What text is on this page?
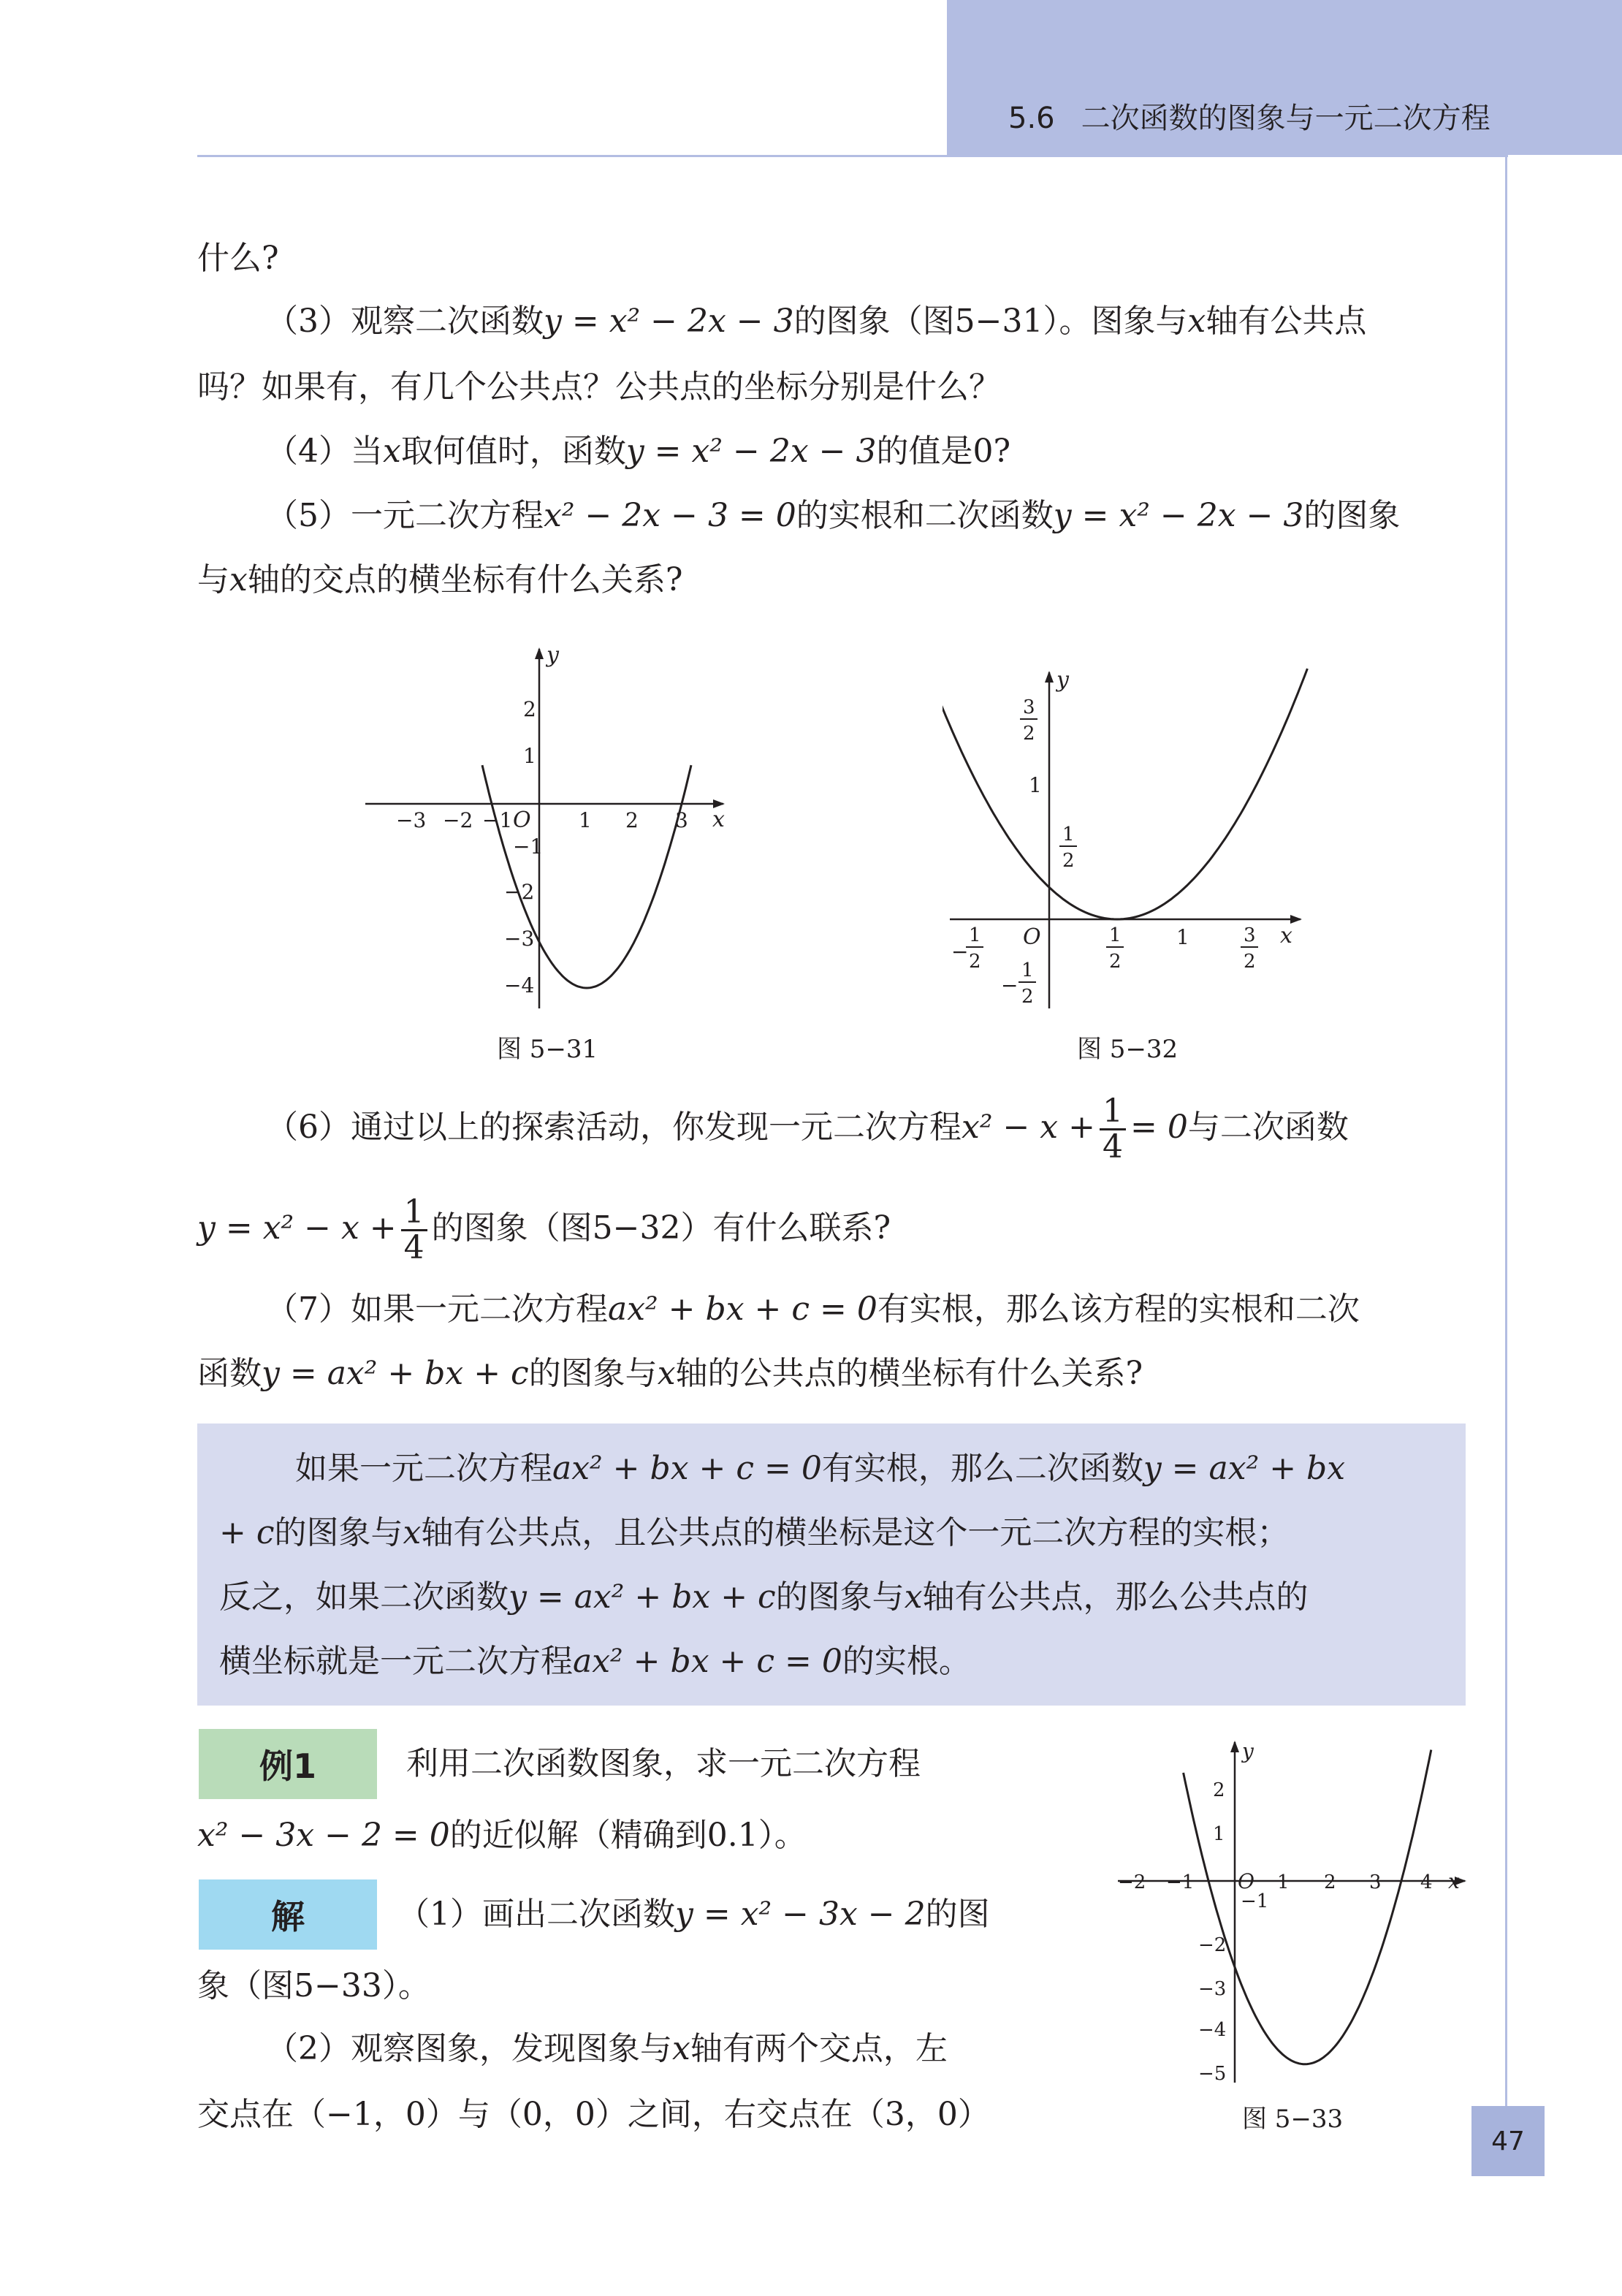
5.6 二次函数的图象与一元二次方程
什么?
（3）观察二次函数y = x² − 2x − 3的图象（图5−31）。图象与x轴有公共点
吗？如果有，有几个公共点？公共点的坐标分别是什么？
（4）当x取何值时，函数y = x² − 2x − 3的值是0?
（5）一元二次方程x² − 2x − 3 = 0的实根和二次函数y = x² − 2x − 3的图象
与x轴的交点的横坐标有什么关系?
x
y
O
−3 −2 −1	1 2 3
2
1
−1
−2
−3
−4
图 5−31
x
y
O
−
1
2
1
2
1	3
2
3
2
1
1
2
−
1
2
图 5−32
（6）通过以上的探索活动，你发现一元二次方程$x^2 - x + \frac{1}{4} = 0$与二次函数
$y = x^2 - x + \frac{1}{4}$ 的图象（图5−32）有什么联系?
（7）如果一元二次方程ax² + bx + c = 0有实根，那么该方程的实根和二次
函数y = ax² + bx + c的图象与x轴的公共点的横坐标有什么关系?
如果一元二次方程ax² + bx + c = 0有实根，那么二次函数y = ax² + bx
+ c的图象与x轴有公共点，且公共点的横坐标是这个一元二次方程的实根；
反之，如果二次函数y = ax² + bx + c的图象与x轴有公共点，那么公共点的
横坐标就是一元二次方程ax² + bx + c = 0的实根。
例1	利用二次函数图象，求一元二次方程
x² − 3x − 2 = 0的近似解（精确到0.1）。
解	（1）画出二次函数y = x² − 3x − 2的图
象（图5−33）。
（2）观察图象，发现图象与x轴有两个交点，左
交点在（−1，0）与（0，0）之间，右交点在（3，0）
x
y
O
−2 −1	1 2 3 4
2
1
−1
−2
−3
−4
−5
图 5−33
47
